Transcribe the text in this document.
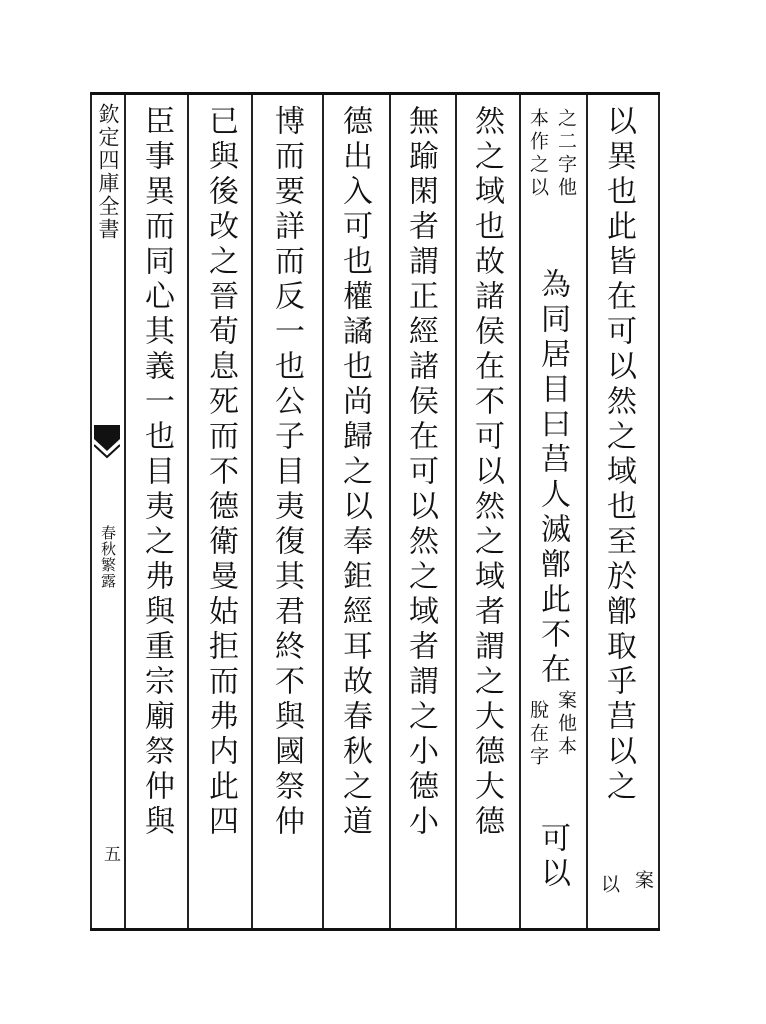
欽定四庫全書
春秋繁露
五
以異也此皆在可以然之域也至於鄫取乎莒以之
案
以
之二字他
本作之以
為同居目曰莒人滅鄫此不在
案他本
脫在字
可以
然之域也故諸侯在不可以然之域者謂之大德大德
無踰閑者謂正經諸侯在可以然之域者謂之小德小
德出入可也權譎也尚歸之以奉鉅經耳故春秋之道
博而要詳而反一也公子目夷復其君終不與國祭仲
已與後改之晉荀息死而不德衛曼姑拒而弗内此四
臣事異而同心其義一也目夷之弗與重宗廟祭仲與
